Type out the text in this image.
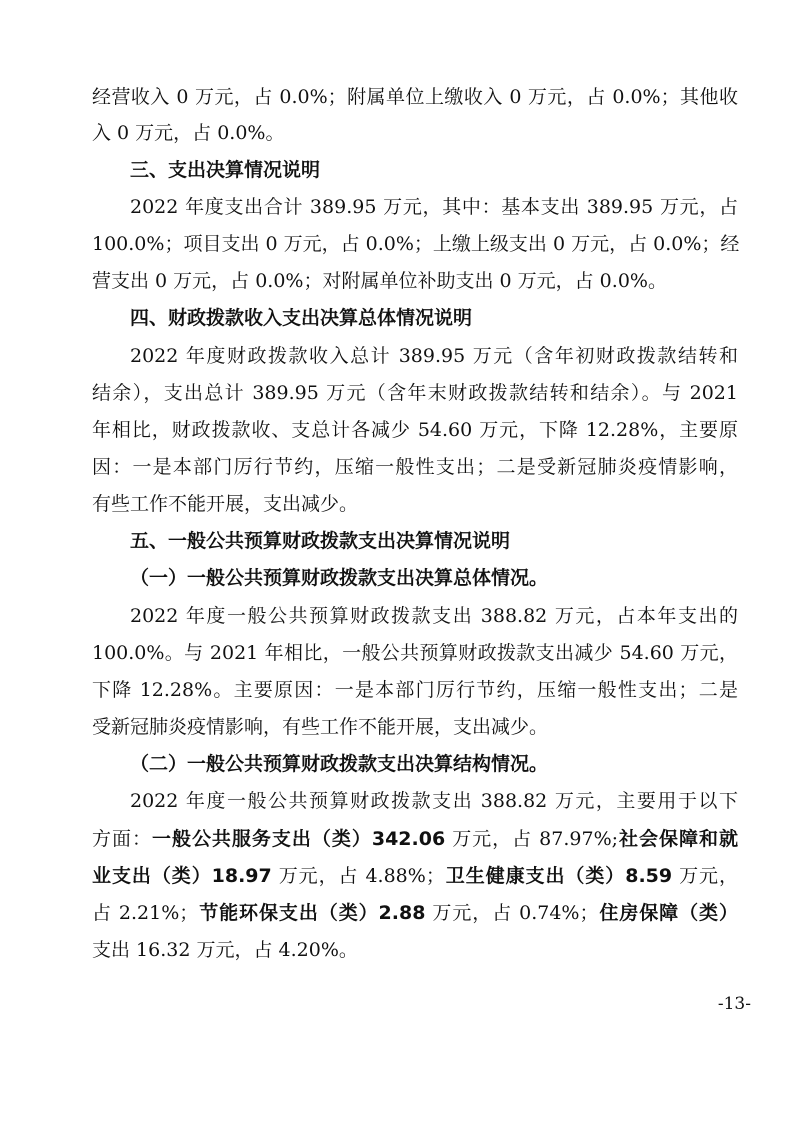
经营收入 0 万元，占 0.0%；附属单位上缴收入 0 万元，占 0.0%；其他收
入 0 万元，占 0.0%。
三、支出决算情况说明
2022 年度支出合计 389.95 万元，其中：基本支出 389.95 万元，占
100.0%；项目支出 0 万元，占 0.0%；上缴上级支出 0 万元，占 0.0%；经
营支出 0 万元，占 0.0%；对附属单位补助支出 0 万元，占 0.0%。
四、财政拨款收入支出决算总体情况说明
2022 年度财政拨款收入总计 389.95 万元（含年初财政拨款结转和
结余），支出总计 389.95 万元（含年末财政拨款结转和结余）。与 2021
年相比，财政拨款收、支总计各减少 54.60 万元，下降 12.28%，主要原
因：一是本部门厉行节约，压缩一般性支出；二是受新冠肺炎疫情影响，
有些工作不能开展，支出减少。
五、一般公共预算财政拨款支出决算情况说明
（一）一般公共预算财政拨款支出决算总体情况。
2022 年度一般公共预算财政拨款支出 388.82 万元，占本年支出的
100.0%。与 2021 年相比，一般公共预算财政拨款支出减少 54.60 万元，
下降 12.28%。主要原因：一是本部门厉行节约，压缩一般性支出；二是
受新冠肺炎疫情影响，有些工作不能开展，支出减少。
（二）一般公共预算财政拨款支出决算结构情况。
2022 年度一般公共预算财政拨款支出 388.82 万元，主要用于以下
方面：一般公共服务支出（类）342.06 万元，占 87.97%;社会保障和就
业支出（类）18.97 万元，占 4.88%；卫生健康支出（类）8.59 万元，
占 2.21%；节能环保支出（类）2.88 万元，占 0.74%；住房保障（类）
支出 16.32 万元，占 4.20%。
-13-
